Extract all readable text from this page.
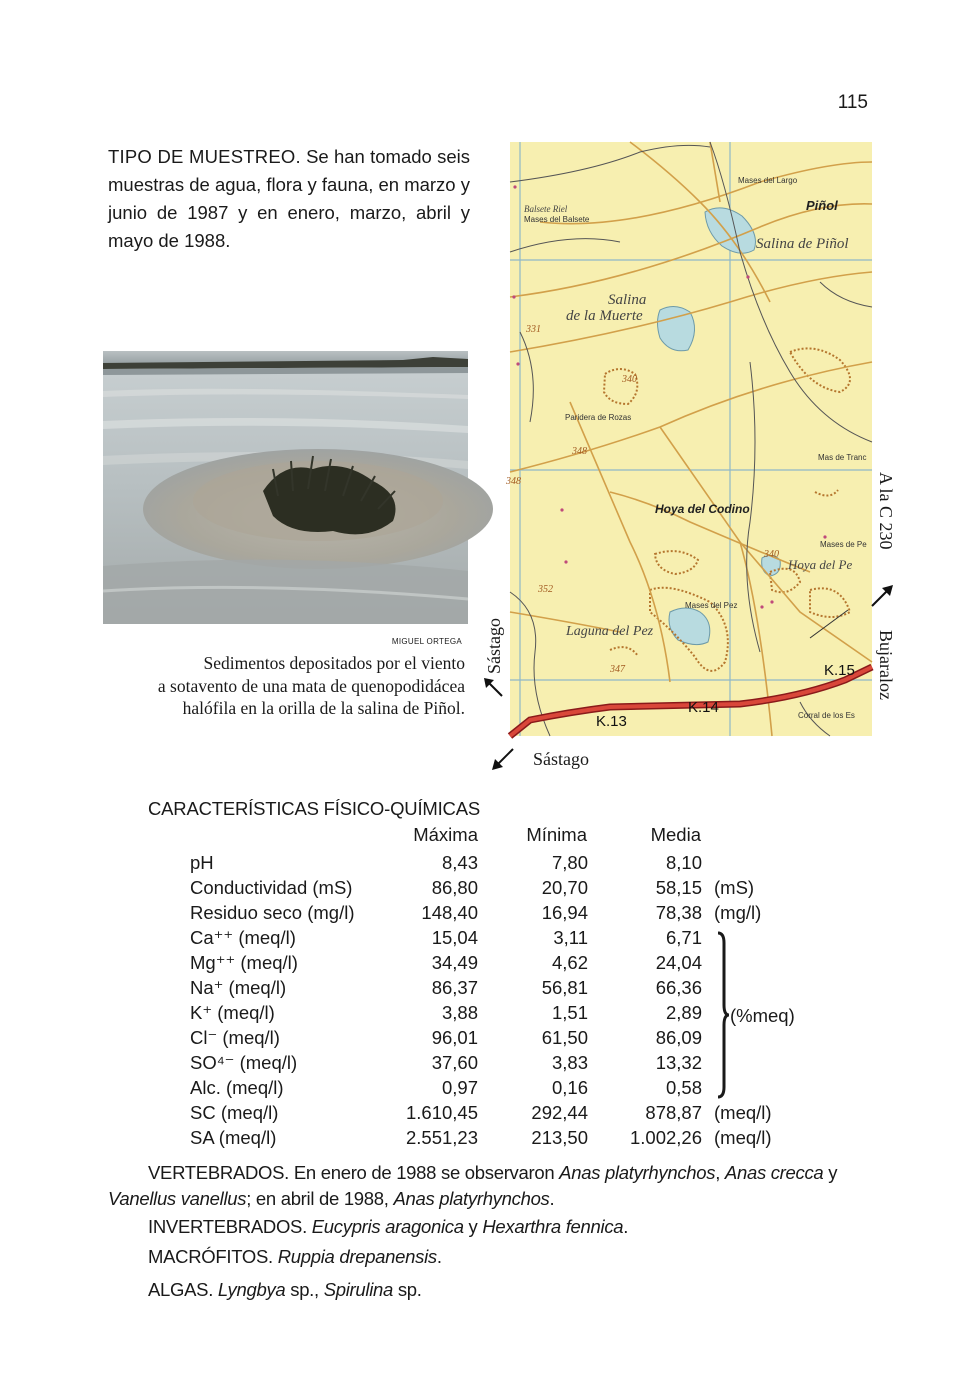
115
TIPO DE MUESTREO. Se han tomado seis muestras de agua, flora y fauna, en marzo y junio de 1987 y en enero, marzo, abril y mayo de 1988.
MIGUEL ORTEGA
Sedimentos depositados por el viento
a sotavento de una mata de quenopodidácea
halófila en la orilla de la salina de Piñol.
Balsete Riel
Mases del Balsete
Mases del Largo
Piñol
Salina de Piñol
Salina
de la Muerte
Paridera de Rozas
Mas de Tranc
Hoya del Codino
Mases de Pe
Hoya del Pe
Mases del Pez
Laguna del Pez
Corral de los Es
K.13
K.14
K.15
331
340
348
348
340
352
347
Sástago
Sástago
A la C 230
Bujaraloz
CARACTERÍSTICAS FÍSICO-QUÍMICAS
	Máxima	Mínima	Media	
pH	8,43	7,80	8,10	
Conductividad (mS)	86,80	20,70	58,15	(mS)
Residuo seco (mg/l)	148,40	16,94	78,38	(mg/l)
Ca⁺⁺ (meq/l)	15,04	3,11	6,71	
Mg⁺⁺ (meq/l)	34,49	4,62	24,04	
Na⁺ (meq/l)	86,37	56,81	66,36	
K⁺ (meq/l)	3,88	1,51	2,89	
Cl⁻ (meq/l)	96,01	61,50	86,09	
SO⁴⁻ (meq/l)	37,60	3,83	13,32	
Alc. (meq/l)	0,97	0,16	0,58	
SC (meq/l)	1.610,45	292,44	878,87	(meq/l)
SA (meq/l)	2.551,23	213,50	1.002,26	(meq/l)
(%meq)
VERTEBRADOS. En enero de 1988 se observaron Anas platyrhynchos, Anas crecca y Vanellus vanellus; en abril de 1988, Anas platyrhynchos.
INVERTEBRADOS. Eucypris aragonica y Hexarthra fennica.
MACRÓFITOS. Ruppia drepanensis.
ALGAS. Lyngbya sp., Spirulina sp.
